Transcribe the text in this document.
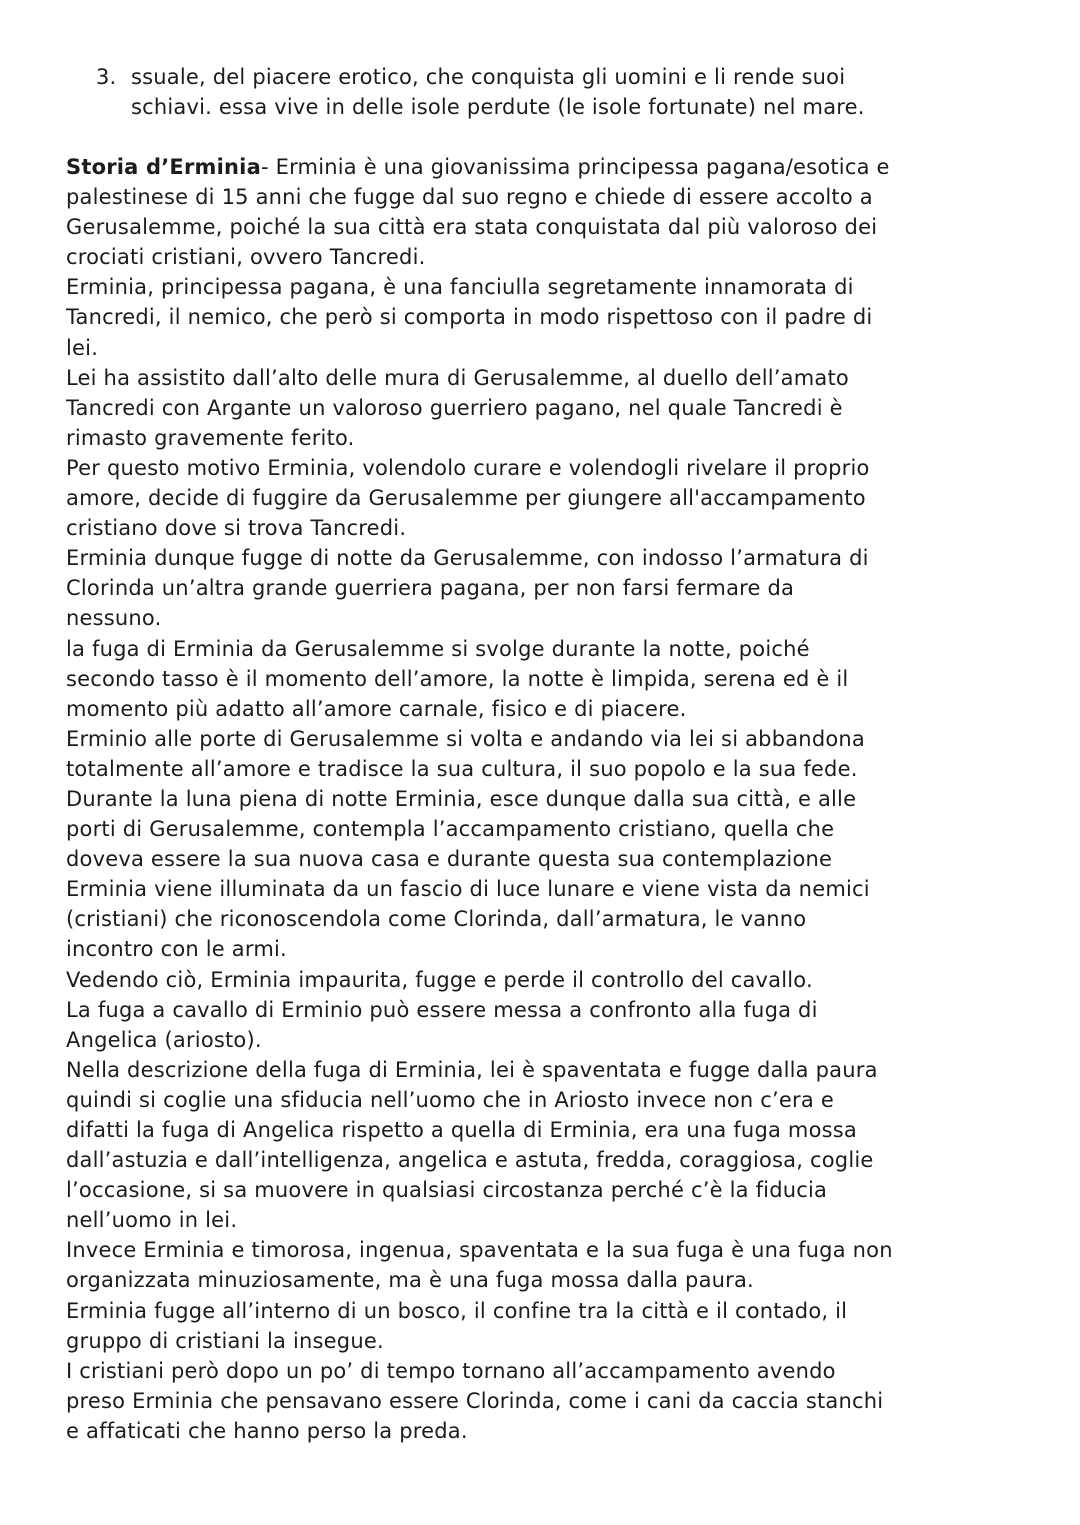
3. ssuale, del piacere erotico, che conquista gli uomini e li rende suoi
schiavi. essa vive in delle isole perdute (le isole fortunate) nel mare.

Storia d’Erminia- Erminia è una giovanissima principessa pagana/esotica e
palestinese di 15 anni che fugge dal suo regno e chiede di essere accolto a
Gerusalemme, poiché la sua città era stata conquistata dal più valoroso dei
crociati cristiani, ovvero Tancredi.

Erminia, principessa pagana, è una fanciulla segretamente innamorata di
Tancredi, il nemico, che però si comporta in modo rispettoso con il padre di
lei.

Lei ha assistito dall’alto delle mura di Gerusalemme, al duello dell’amato
Tancredi con Argante un valoroso guerriero pagano, nel quale Tancredi è
rimasto gravemente ferito.

Per questo motivo Erminia, volendolo curare e volendogli rivelare il proprio
amore, decide di fuggire da Gerusalemme per giungere all'accampamento
cristiano dove si trova Tancredi.

Erminia dunque fugge di notte da Gerusalemme, con indosso l’armatura di
Clorinda un’altra grande guerriera pagana, per non farsi fermare da
nessuno.

la fuga di Erminia da Gerusalemme si svolge durante la notte, poiché
secondo tasso è il momento dell’amore, la notte è limpida, serena ed è il
momento più adatto all’amore carnale, fisico e di piacere.

Erminio alle porte di Gerusalemme si volta e andando via lei si abbandona
totalmente all’amore e tradisce la sua cultura, il suo popolo e la sua fede.

Durante la luna piena di notte Erminia, esce dunque dalla sua città, e alle
porti di Gerusalemme, contempla l’accampamento cristiano, quella che
doveva essere la sua nuova casa e durante questa sua contemplazione
Erminia viene illuminata da un fascio di luce lunare e viene vista da nemici
(cristiani) che riconoscendola come Clorinda, dall’armatura, le vanno
incontro con le armi.

Vedendo ciò, Erminia impaurita, fugge e perde il controllo del cavallo.

La fuga a cavallo di Erminio può essere messa a confronto alla fuga di
Angelica (ariosto).

Nella descrizione della fuga di Erminia, lei è spaventata e fugge dalla paura
quindi si coglie una sfiducia nell’uomo che in Ariosto invece non c’era e
difatti la fuga di Angelica rispetto a quella di Erminia, era una fuga mossa
dall’astuzia e dall’intelligenza, angelica e astuta, fredda, coraggiosa, coglie
l’occasione, si sa muovere in qualsiasi circostanza perché c’è la fiducia
nell’uomo in lei.

Invece Erminia e timorosa, ingenua, spaventata e la sua fuga è una fuga non
organizzata minuziosamente, ma è una fuga mossa dalla paura.

Erminia fugge all’interno di un bosco, il confine tra la città e il contado, il
gruppo di cristiani la insegue.

I cristiani però dopo un po’ di tempo tornano all’accampamento avendo
preso Erminia che pensavano essere Clorinda, come i cani da caccia stanchi
e affaticati che hanno perso la preda.
